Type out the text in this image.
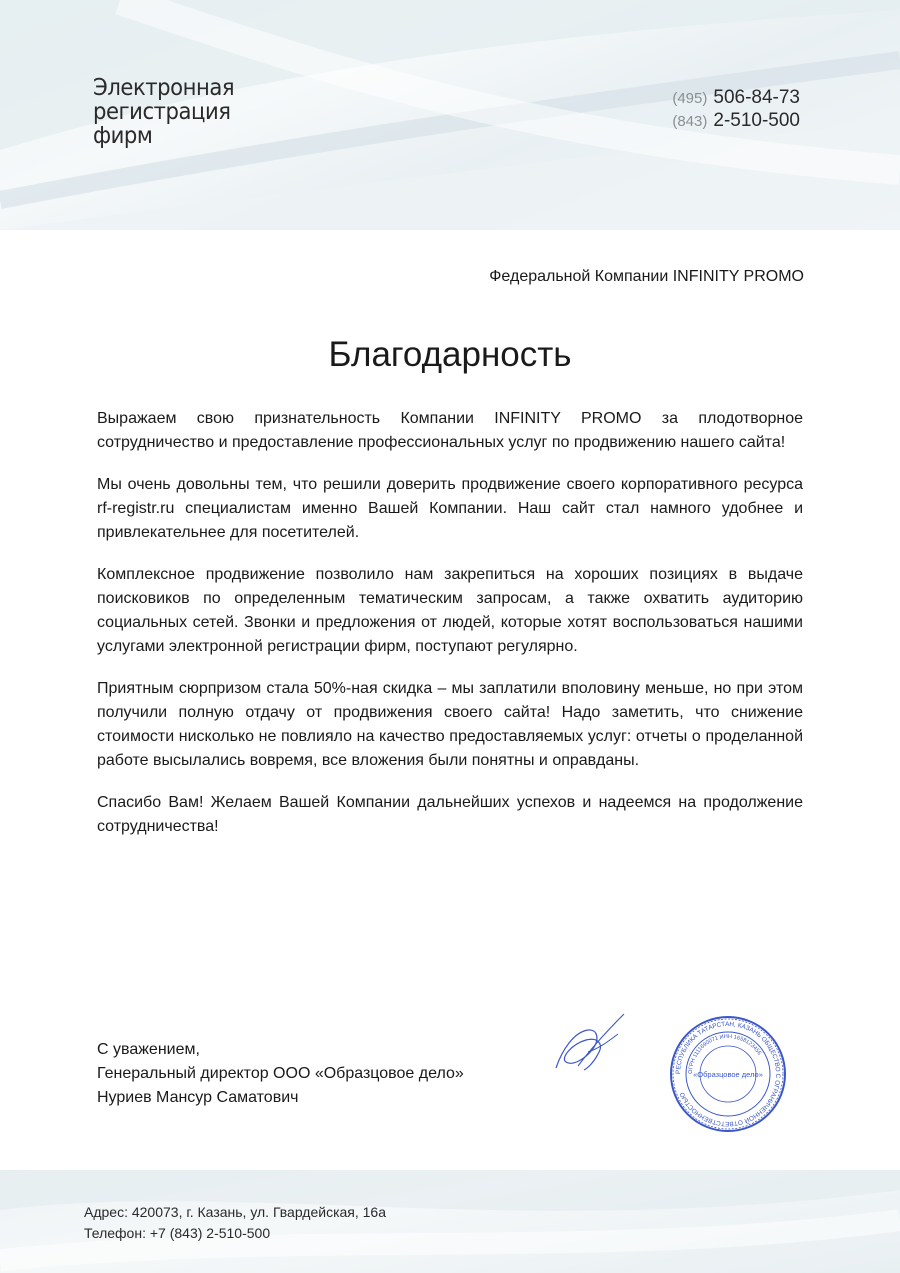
Электронная
регистрация
фирм
(495) 506-84-73
(843) 2-510-500
Федеральной Компании INFINITY PROMO
Благодарность

Выражаем свою признательность Компании INFINITY PROMO за плодотворное сотрудничество и предоставление профессиональных услуг по продвижению нашего сайта!

Мы очень довольны тем, что решили доверить продвижение своего корпоративного ресурса rf-registr.ru специалистам именно Вашей Компании. Наш сайт стал намного удобнее и привлекательнее для посетителей.

Комплексное продвижение позволило нам закрепиться на хороших позициях в выдаче поисковиков по определенным тематическим запросам, а также охватить аудиторию социальных сетей. Звонки и предложения от людей, которые хотят воспользоваться нашими услугами электронной регистрации фирм, поступают регулярно.

Приятным сюрпризом стала 50%-ная скидка – мы заплатили вполовину меньше, но при этом получили полную отдачу от продвижения своего сайта! Надо заметить, что снижение стоимости нисколько не повлияло на качество предоставляемых услуг: отчеты о проделанной работе высылались вовремя, все вложения были понятны и оправданы.

Спасибо Вам! Желаем Вашей Компании дальнейших успехов и надеемся на продолжение сотрудничества!

С уважением,
Генеральный директор ООО «Образцовое дело»
Нуриев Мансур Саматович
РЕСПУБЛИКА ТАТАРСТАН, КАЗАНЬ ОБЩЕСТВО С ОГРАНИЧЕННОЙ ОТВЕТСТВЕННОСТЬЮ
ОГРН 1111690071 ИНН 1658123456
«Образцовое дело»
Адрес: 420073, г. Казань, ул. Гвардейская, 16а
Телефон: +7 (843) 2-510-500
